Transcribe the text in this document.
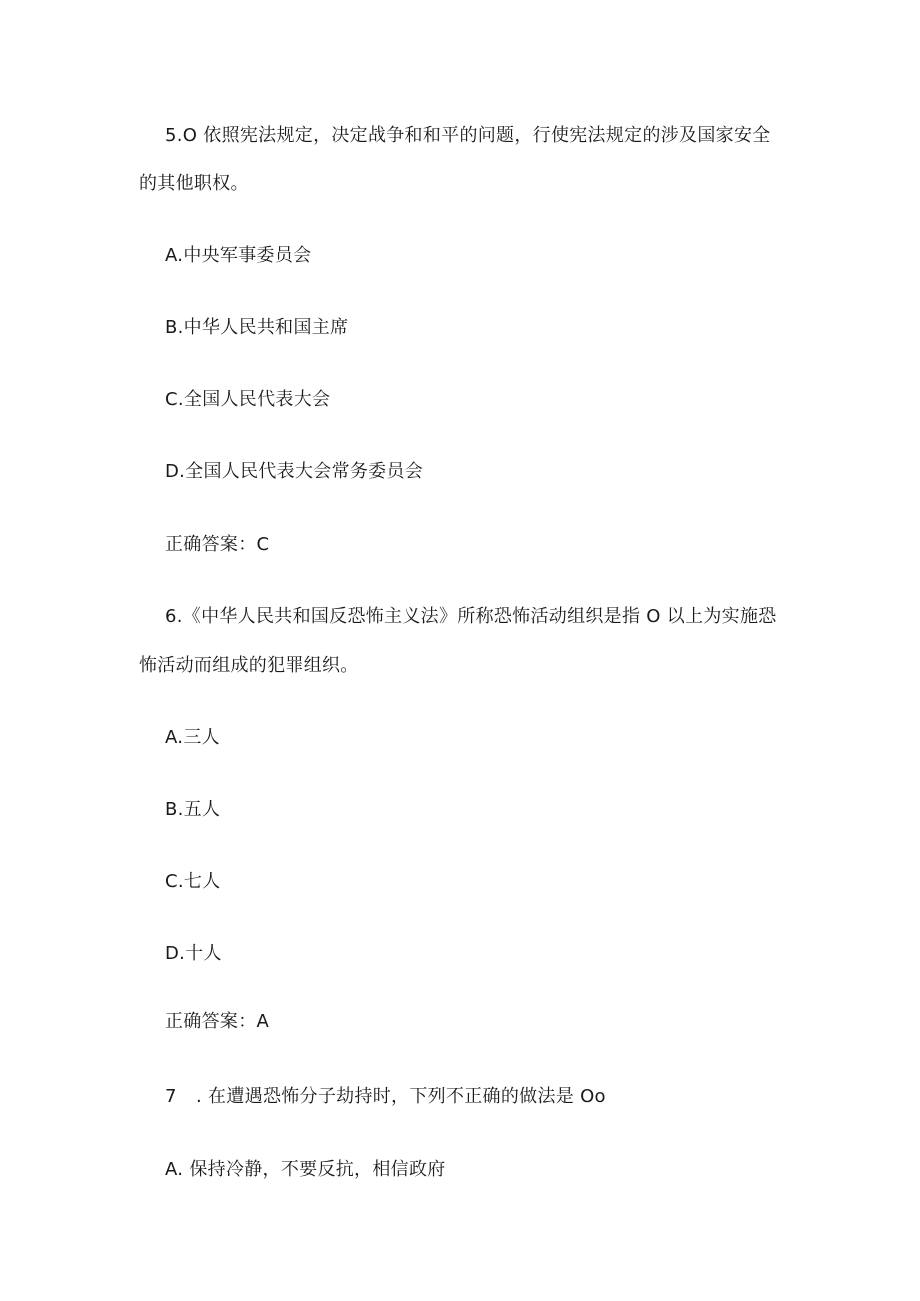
5.O 依照宪法规定，决定战争和和平的问题，行使宪法规定的涉及国家安全
的其他职权。
A.中央军事委员会
B.中华人民共和国主席
C.全国人民代表大会
D.全国人民代表大会常务委员会
正确答案：C
6.《中华人民共和国反恐怖主义法》所称恐怖活动组织是指 O 以上为实施恐
怖活动而组成的犯罪组织。
A.三人
B.五人
C.七人
D.十人
正确答案：A
7 . 在遭遇恐怖分子劫持时，下列不正确的做法是 Oo
A. 保持冷静，不要反抗，相信政府
